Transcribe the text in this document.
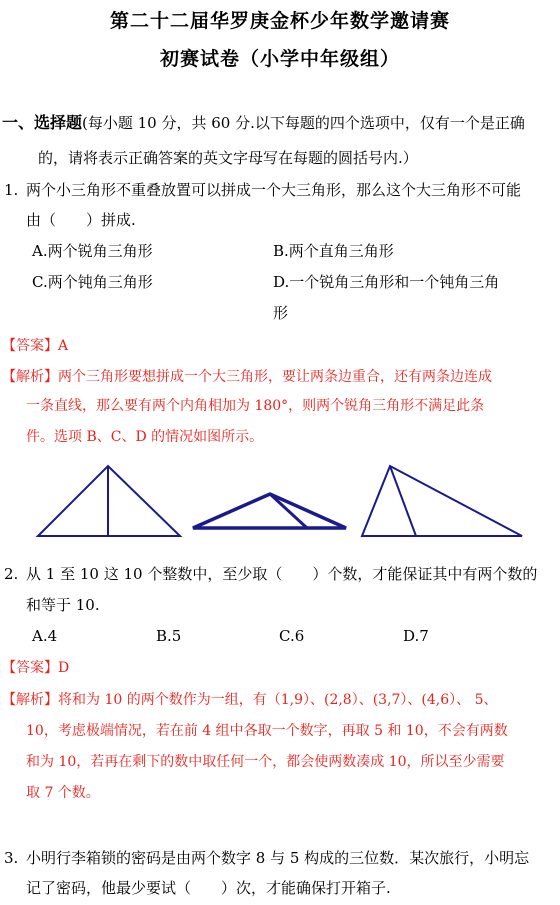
第二十二届华罗庚金杯少年数学邀请赛
初赛试卷（小学中年级组）
一、选择题(每小题 10 分，共 60 分.以下每题的四个选项中，仅有一个是正确
的，请将表示正确答案的英文字母写在每题的圆括号内.）
1. 两个小三角形不重叠放置可以拼成一个大三角形，那么这个大三角形不可能
由（　　）拼成.
A.两个锐角三角形	B.两个直角三角形
C.两个钝角三角形	D.一个锐角三角形和一个钝角三角
形
【答案】A
【解析】两个三角形要想拼成一个大三角形，要让两条边重合，还有两条边连成
一条直线，那么要有两个内角相加为 180°，则两个锐角三角形不满足此条
件。选项 B、C、D 的情况如图所示。
2. 从 1 至 10 这 10 个整数中，至少取（　　）个数，才能保证其中有两个数的
和等于 10.
A.4	B.5	C.6	D.7
【答案】D
【解析】将和为 10 的两个数作为一组，有（1,9）、(2,8）、(3,7）、(4,6）、 5、
10，考虑极端情况，若在前 4 组中各取一个数字，再取 5 和 10，不会有两数
和为 10，若再在剩下的数中取任何一个，都会使两数凑成 10，所以至少需要
取 7 个数。
3. 小明行李箱锁的密码是由两个数字 8 与 5 构成的三位数．某次旅行，小明忘
记了密码，他最少要试（　　）次，才能确保打开箱子.
